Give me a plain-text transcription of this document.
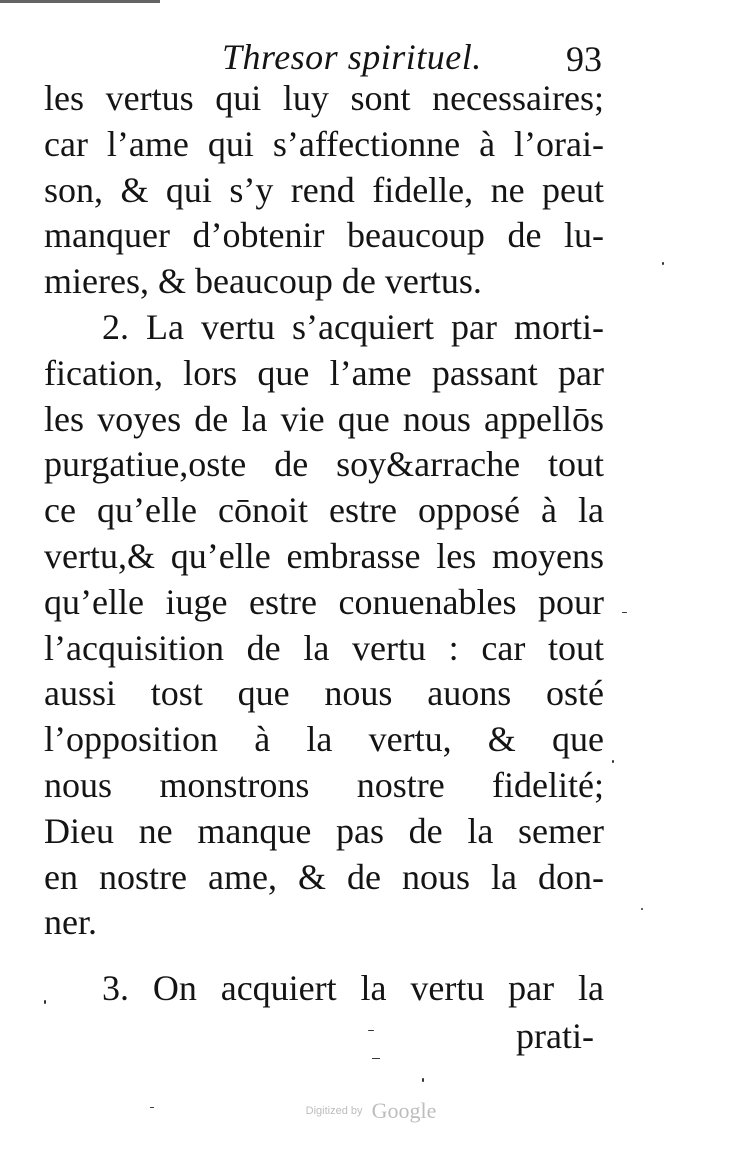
Thresor spirituel. 93
les vertus qui luy sont necessaires;
car l’ame qui s’affectionne à l’orai-
son, & qui s’y rend fidelle, ne peut
manquer d’obtenir beaucoup de lu-
mieres, & beaucoup de vertus.
2. La vertu s’acquiert par morti-
fication, lors que l’ame passant par
les voyes de la vie que nous appellōs
purgatiue,oste de soy&arrache tout
ce qu’elle cōnoit estre opposé à la
vertu,& qu’elle embrasse les moyens
qu’elle iuge estre conuenables pour
l’acquisition de la vertu : car tout
aussi tost que nous auons osté
l’opposition à la vertu, & que
nous monstrons nostre fidelité;
Dieu ne manque pas de la semer
en nostre ame, & de nous la don-
ner.
3. On acquiert la vertu par la
prati-
Digitized by Google
